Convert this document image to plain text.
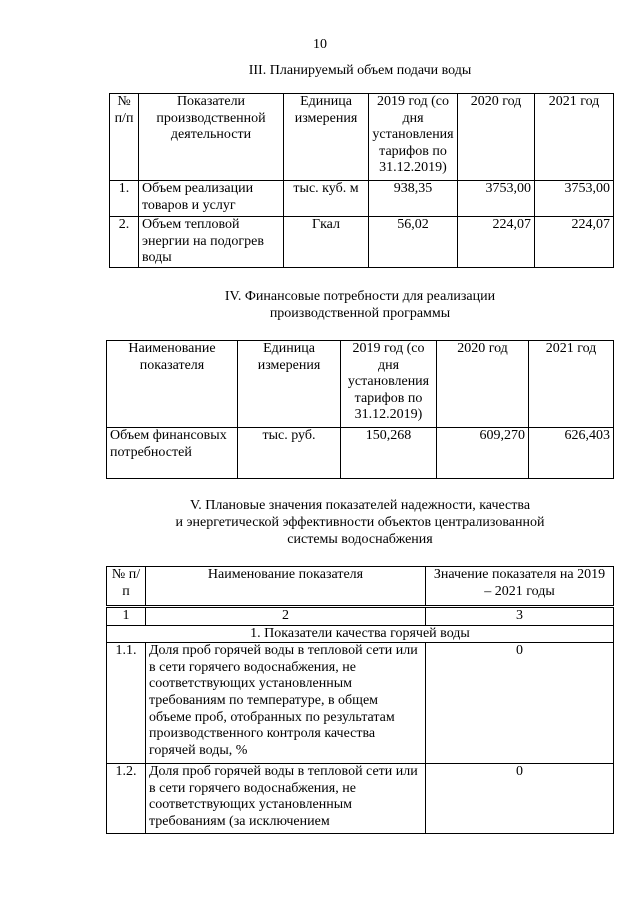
10
III. Планируемый объем подачи воды
№ п/п	Показатели производственной деятельности	Единица измерения	2019 год (со дня установления тарифов по 31.12.2019)	2020 год	2021 год
1.	Объем реализации товаров и услуг	тыс. куб. м	938,35	3753,00	3753,00
2.	Объем тепловой энергии на подогрев воды	Гкал	56,02	224,07	224,07
IV. Финансовые потребности для реализации
производственной программы
Наименование показателя	Единица измерения	2019 год (со дня установления тарифов по 31.12.2019)	2020 год	2021 год
Объем финансовых потребностей	тыс. руб.	150,268	609,270	626,403
V. Плановые значения показателей надежности, качества
и энергетической эффективности объектов централизованной
системы водоснабжения
№ п/п	Наименование показателя	Значение показателя на 2019 – 2021 годы
1	2	3
1. Показатели качества горячей воды		
1.1.	Доля проб горячей воды в тепловой сети или в сети горячего водоснабжения, не соответствующих установленным требованиям по температуре, в общем объеме проб, отобранных по результатам производственного контроля качества горячей воды, %	0
1.2.	Доля проб горячей воды в тепловой сети или в сети горячего водоснабжения, не соответствующих установленным требованиям (за исключением	0
